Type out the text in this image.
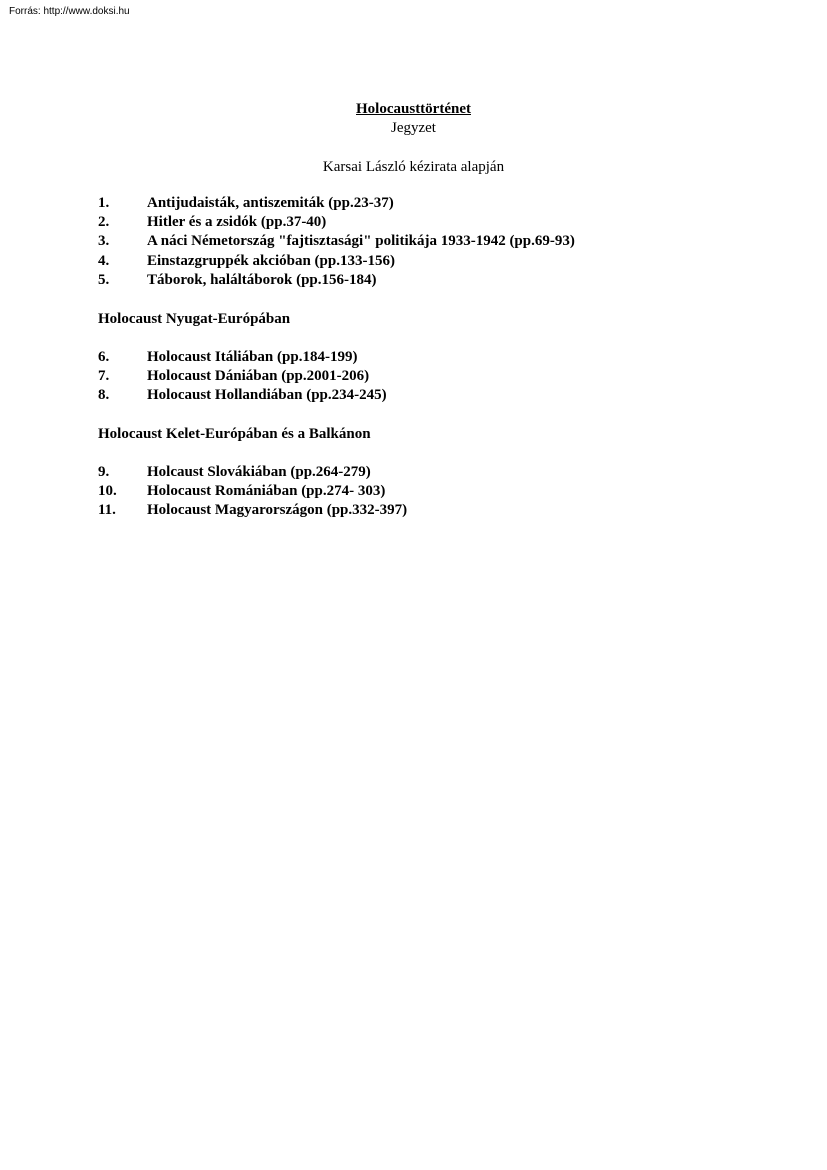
Forrás: http://www.doksi.hu
Holocausttörténet
Jegyzet
Karsai László kézirata alapján
1.	Antijudaisták, antiszemiták (pp.23-37)
2.	Hitler és a zsidók (pp.37-40)
3.	A náci Németország "fajtisztasági" politikája 1933-1942 (pp.69-93)
4.	Einstazgruppék akcióban (pp.133-156)
5.	Táborok, haláltáborok (pp.156-184)
Holocaust Nyugat-Európában
6.	Holocaust Itáliában (pp.184-199)
7.	Holocaust Dániában (pp.2001-206)
8.	Holocaust Hollandiában (pp.234-245)
Holocaust Kelet-Európában és a Balkánon
9.	Holcaust Slovákiában (pp.264-279)
10. Holocaust Romániában (pp.274- 303)
11. Holocaust Magyarországon (pp.332-397)
